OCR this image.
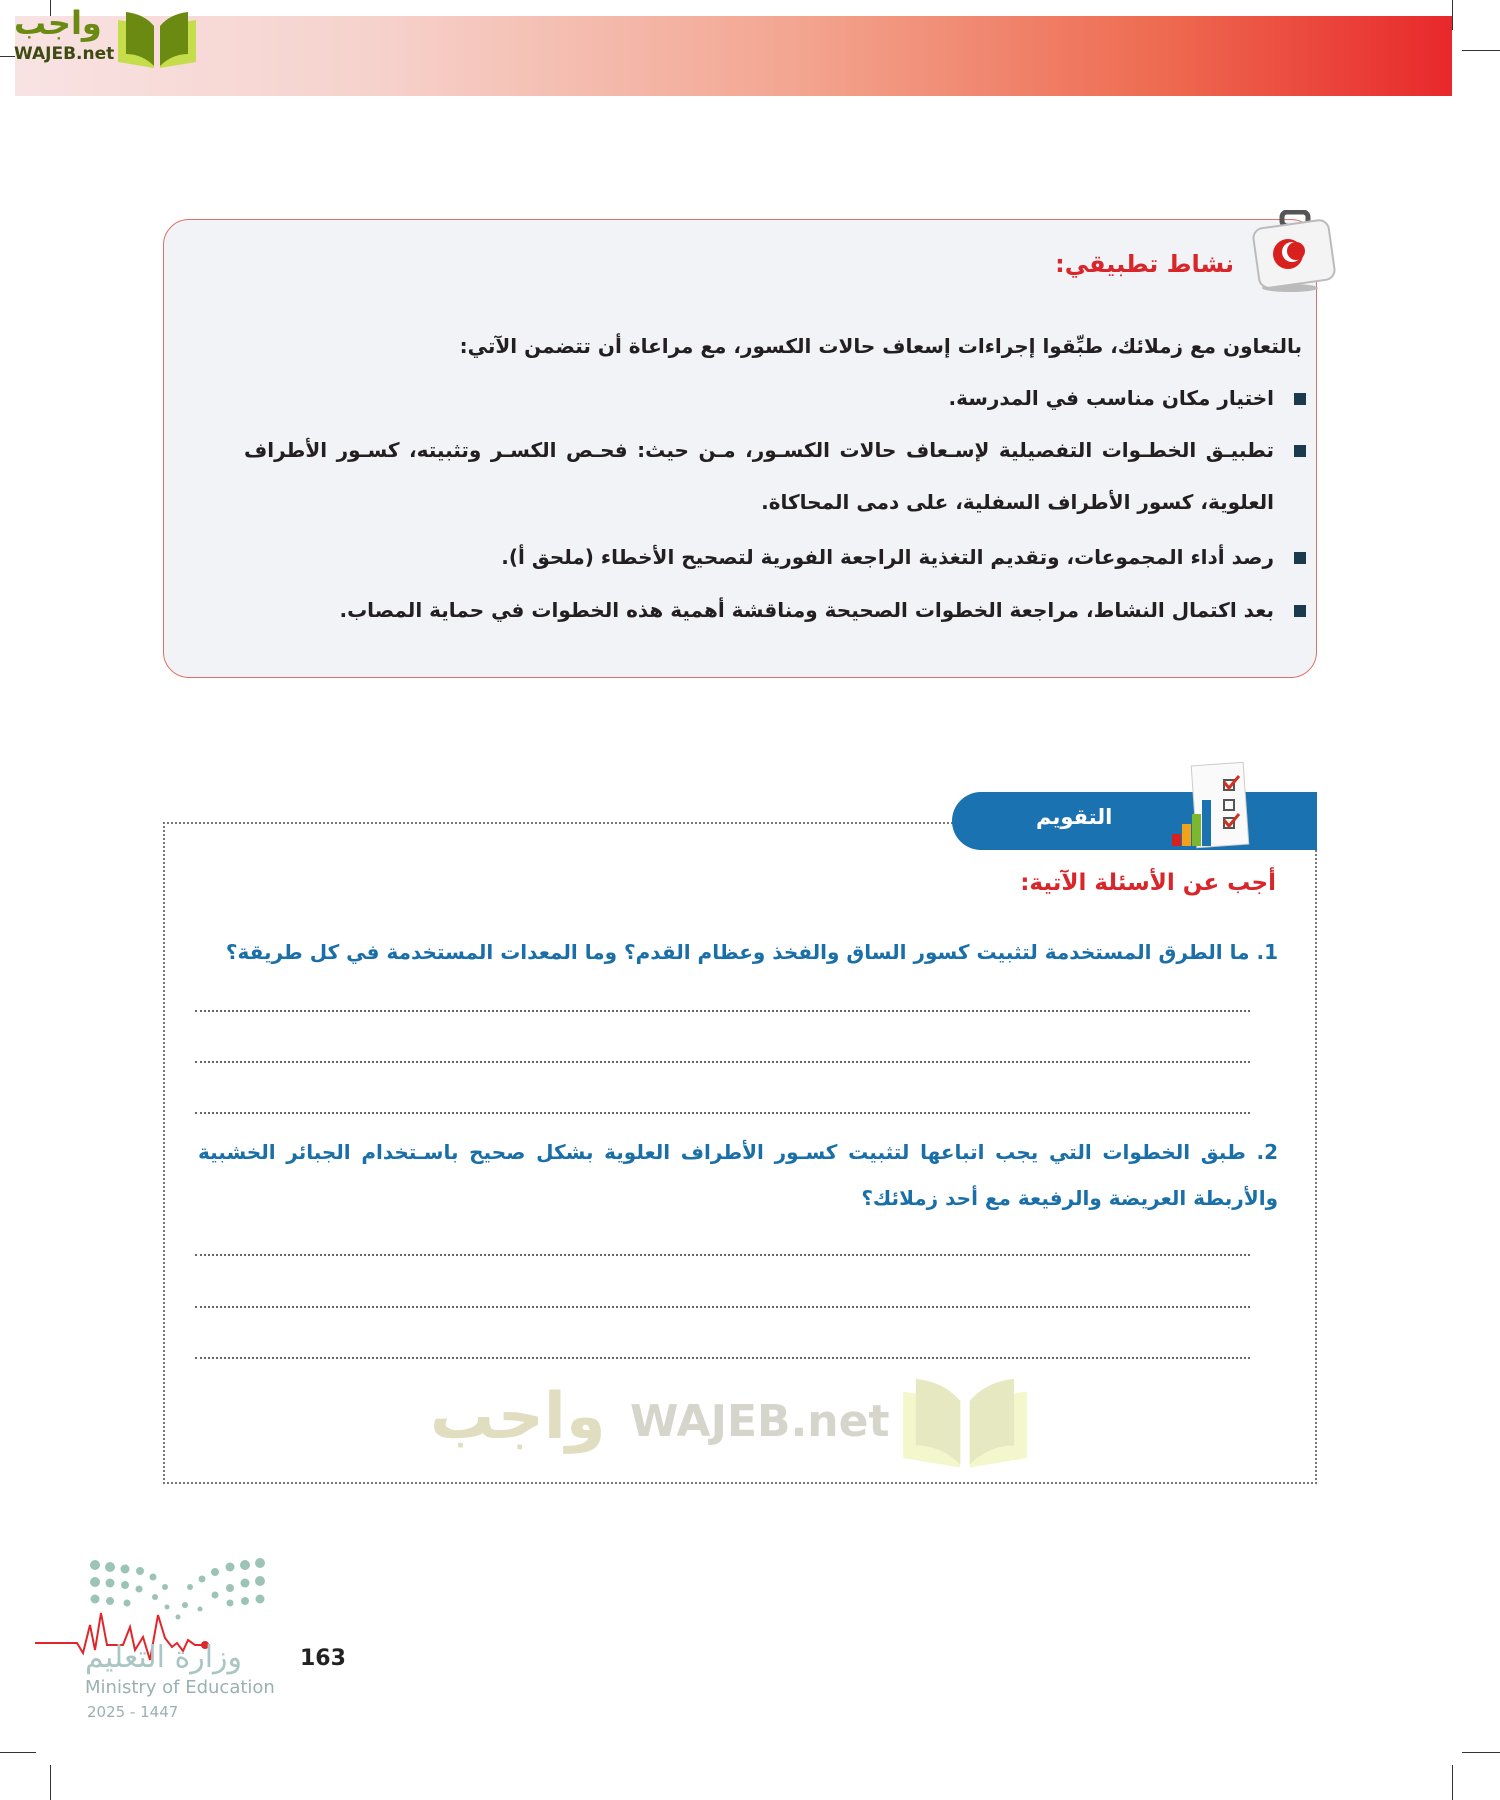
واجب
WAJEB.net
نشاط تطبيقي:
بالتعاون مع زملائك، طبِّقوا إجراءات إسعاف حالات الكسور، مع مراعاة أن تتضمن الآتي:
اختيار مكان مناسب في المدرسة.
تطبيـق الخطـوات التفصيلية لإسـعاف حالات الكسـور، مـن حيث: فحـص الكسـر وتثبيته، كسـور الأطراف العلوية، كسور الأطراف السفلية، على دمى المحاكاة.
رصد أداء المجموعات، وتقديم التغذية الراجعة الفورية لتصحيح الأخطاء (ملحق أ).
بعد اكتمال النشاط، مراجعة الخطوات الصحيحة ومناقشة أهمية هذه الخطوات في حماية المصاب.
التقويم
أجب عن الأسئلة الآتية:
1. ما الطرق المستخدمة لتثبيت كسور الساق والفخذ وعظام القدم؟ وما المعدات المستخدمة في كل طريقة؟
2. طبق الخطوات التي يجب اتباعها لتثبيت كسـور الأطراف العلوية بشكل صحيح باسـتخدام الجبائر الخشبية والأربطة العريضة والرفيعة مع أحد زملائك؟
واجب WAJEB.net
وزارة التعليم
Ministry of Education
2025 - 1447
163
